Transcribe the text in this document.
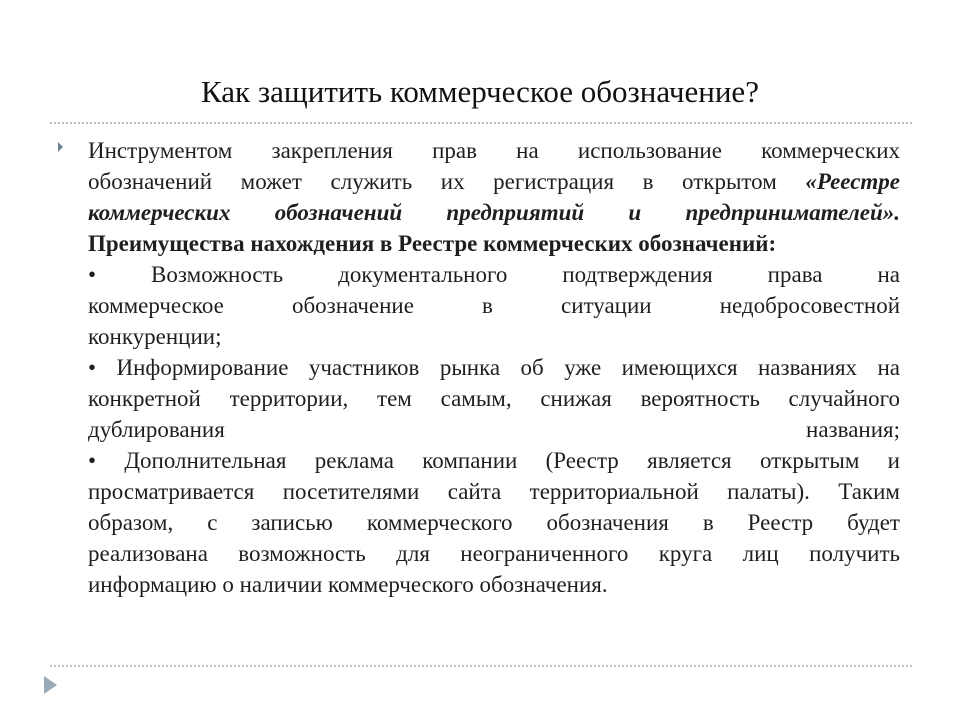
Как защитить коммерческое обозначение?
Инструментом закрепления прав на использование коммерческих
обозначений может служить их регистрация в открытом «Реестре
коммерческих обозначений предприятий и предпринимателей».
Преимущества нахождения в Реестре коммерческих обозначений:
• Возможность документального подтверждения права на
коммерческое обозначение в ситуации недобросовестной
конкуренции;
• Информирование участников рынка об уже имеющихся названиях на
конкретной территории, тем самым, снижая вероятность случайного
дублирования названия;
• Дополнительная реклама компании (Реестр является открытым и
просматривается посетителями сайта территориальной палаты). Таким
образом, с записью коммерческого обозначения в Реестр будет
реализована возможность для неограниченного круга лиц получить
информацию о наличии коммерческого обозначения.
